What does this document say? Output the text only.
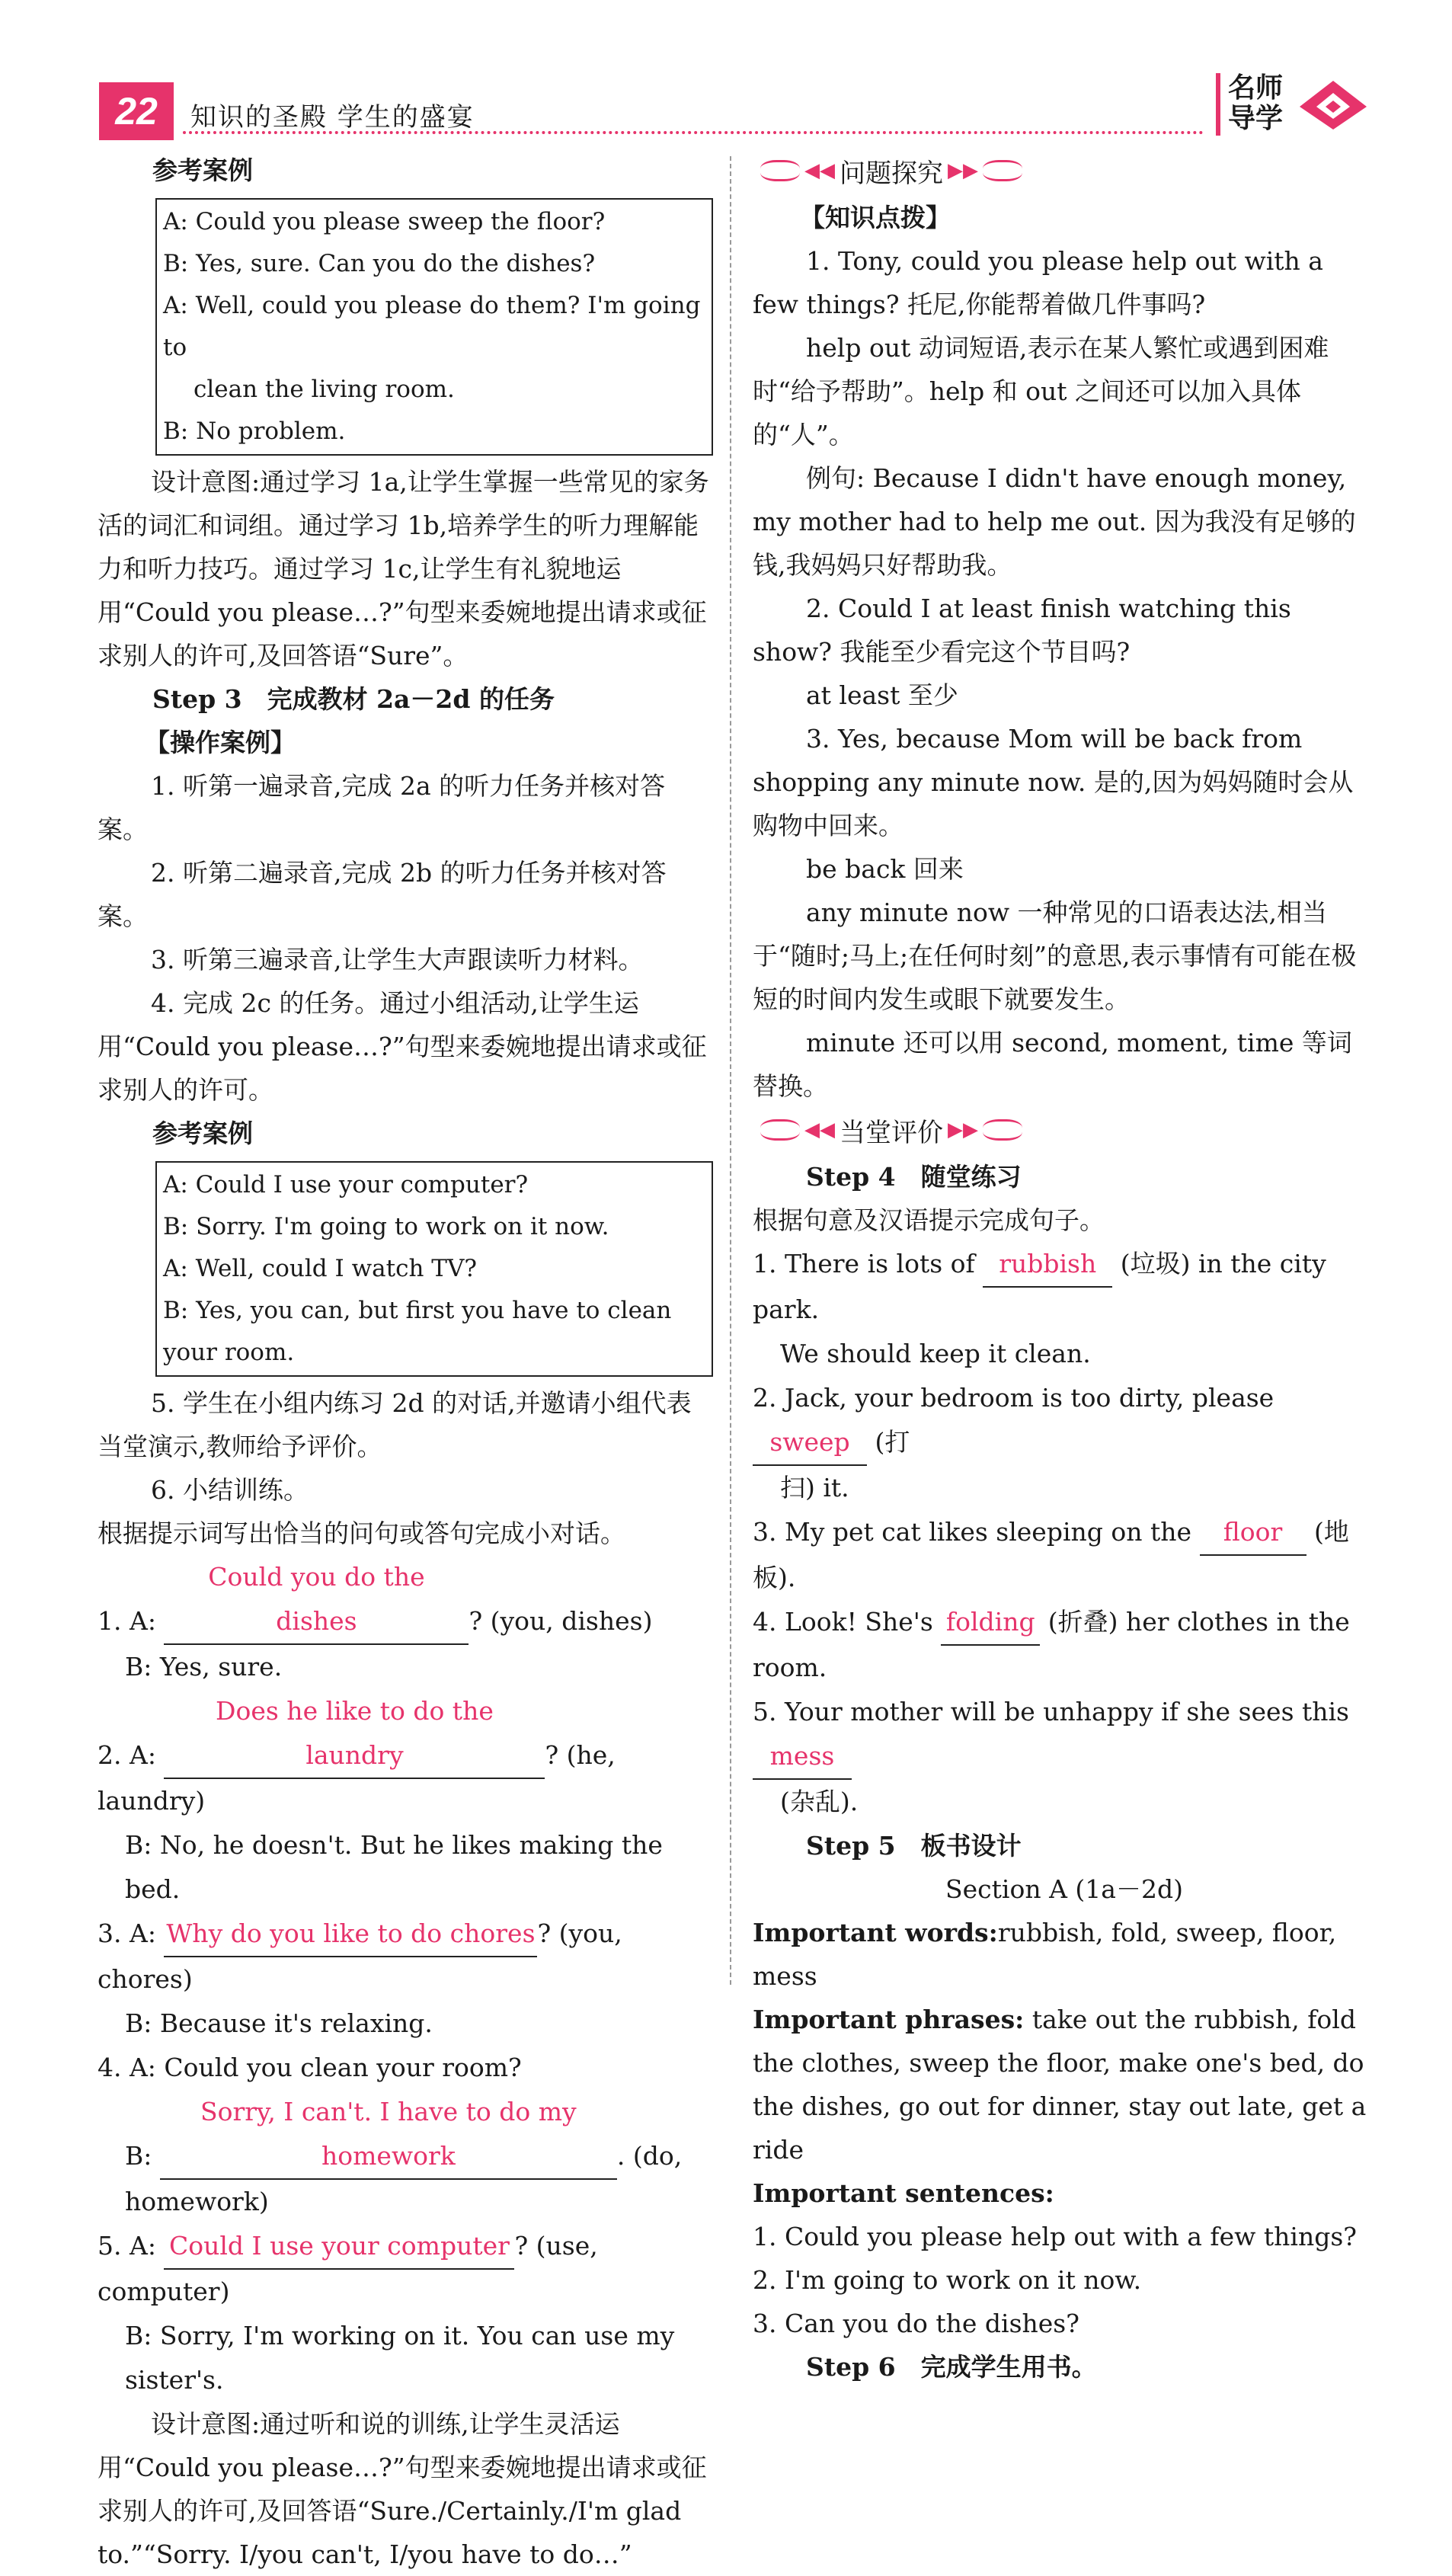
22	知识的圣殿 学生的盛宴
名师
导学

参考案例

A: Could you please sweep the floor?

B: Yes, sure. Can you do the dishes?

A: Well, could you please do them? I'm going to

clean the living room.

B: No problem.

设计意图:通过学习 1a,让学生掌握一些常见的家务活的词汇和词组。通过学习 1b,培养学生的听力理解能力和听力技巧。通过学习 1c,让学生有礼貌地运用“Could you please…?”句型来委婉地提出请求或征求别人的许可,及回答语“Sure”。

Step 3　完成教材 2a－2d 的任务

【操作案例】

1. 听第一遍录音,完成 2a 的听力任务并核对答案。

2. 听第二遍录音,完成 2b 的听力任务并核对答案。

3. 听第三遍录音,让学生大声跟读听力材料。

4. 完成 2c 的任务。通过小组活动,让学生运用“Could you please…?”句型来委婉地提出请求或征求别人的许可。

参考案例

A: Could I use your computer?

B: Sorry. I'm going to work on it now.

A: Well, could I watch TV?

B: Yes, you can, but first you have to clean your room.

5. 学生在小组内练习 2d 的对话,并邀请小组代表当堂演示,教师给予评价。

6. 小结训练。

根据提示词写出恰当的问句或答句完成小对话。

1. A: Could you do the dishes	? (you, dishes)

B: Yes, sure.

2. A: Does he like to do the laundry	? (he, laundry)

B: No, he doesn't. But he likes making the bed.

3. A: Why do you like to do chores? (you, chores)

B: Because it's relaxing.

4. A: Could you clean your room?

B: Sorry, I can't. I have to do my homework	. (do,

homework)

5. A: Could I use your computer ? (use, computer)

B: Sorry, I'm working on it. You can use my sister's.

设计意图:通过听和说的训练,让学生灵活运用“Could you please…?”句型来委婉地提出请求或征求别人的许可,及回答语“Sure./Certainly./I'm glad to.”“Sorry. I/you can't, I/you have to do…”

◀◀ 问题探究 ▶▶

【知识点拨】

1. Tony, could you please help out with a few things? 托尼,你能帮着做几件事吗?

help out 动词短语,表示在某人繁忙或遇到困难时“给予帮助”。help 和 out 之间还可以加入具体的“人”。

例句: Because I didn't have enough money, my mother had to help me out. 因为我没有足够的钱,我妈妈只好帮助我。

2. Could I at least finish watching this show? 我能至少看完这个节目吗?

at least 至少

3. Yes, because Mom will be back from shopping any minute now. 是的,因为妈妈随时会从购物中回来。

be back 回来

any minute now 一种常见的口语表达法,相当于“随时;马上;在任何时刻”的意思,表示事情有可能在极短的时间内发生或眼下就要发生。

minute 还可以用 second, moment, time 等词替换。

◀◀ 当堂评价 ▶▶

Step 4　随堂练习

根据句意及汉语提示完成句子。

1. There is lots of rubbish (垃圾) in the city park.

We should keep it clean.

2. Jack, your bedroom is too dirty, please sweep (打

扫) it.

3. My pet cat likes sleeping on the floor (地板).

4. Look! She's folding (折叠) her clothes in the room.

5. Your mother will be unhappy if she sees this mess

(杂乱).

Step 5　板书设计

Section A (1a－2d)

Important words:rubbish, fold, sweep, floor, mess

Important phrases: take out the rubbish, fold the clothes, sweep the floor, make one's bed, do the dishes, go out for dinner, stay out late, get a ride

Important sentences:

1. Could you please help out with a few things?

2. I'm going to work on it now.

3. Can you do the dishes?

Step 6　完成学生用书。
